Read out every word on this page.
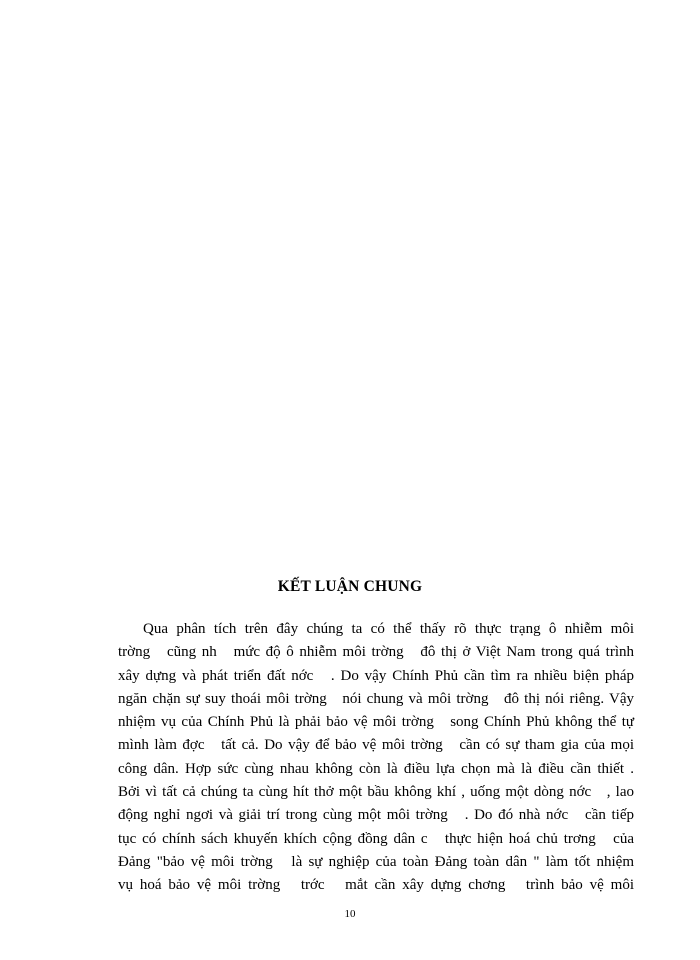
KẾT LUẬN CHUNG
Qua phân tích trên đây chúng ta có thể thấy rõ thực trạng ô nhiễm môi
trờng   cũng nh   mức độ ô nhiễm môi trờng   đô thị ở Việt Nam trong quá trình
xây dựng và phát triển đất nớc   . Do vậy Chính Phủ cần tìm ra nhiều biện pháp
ngăn chặn sự suy thoái môi trờng   nói chung và môi trờng   đô thị nói riêng. Vậy
nhiệm vụ của Chính Phủ là phải bảo vệ môi trờng   song Chính Phủ không thể tự
mình làm đợc   tất cả. Do vậy để bảo vệ môi trờng   cần có sự tham gia của mọi
công dân. Hợp sức cùng nhau không còn là điều lựa chọn mà là điều cần thiết .
Bởi vì tất cả chúng ta cùng hít thở một bầu không khí , uống một dòng nớc   , lao
động nghỉ ngơi và giải trí trong cùng một môi trờng   . Do đó nhà nớc   cần tiếp
tục có chính sách khuyến khích cộng đồng dân c   thực hiện hoá chủ trơng   của
Đảng "bảo vệ môi trờng   là sự nghiệp của toàn Đảng toàn dân " làm tốt nhiệm
vụ hoá bảo vệ môi trờng   trớc   mắt cần xây dựng chơng   trình bảo vệ môi
10
